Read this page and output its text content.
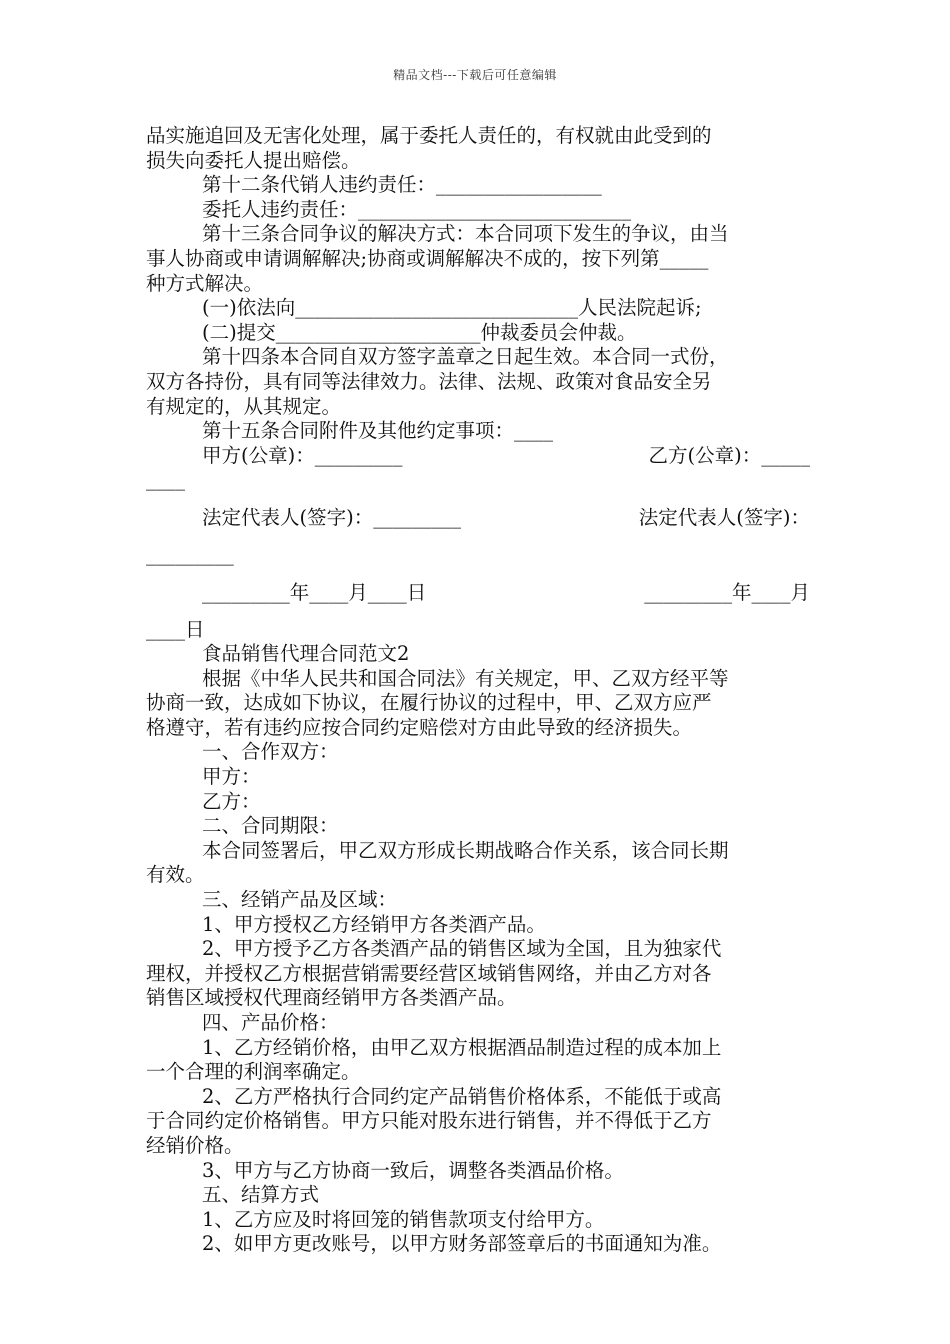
精品文档---下载后可任意编辑
品实施追回及无害化处理，属于委托人责任的，有权就由此受到的
损失向委托人提出赔偿。
第十二条代销人违约责任：_________________
委托人违约责任：____________________________
第十三条合同争议的解决方式：本合同项下发生的争议，由当
事人协商或申请调解解决;协商或调解解决不成的，按下列第_____
种方式解决。
(一)依法向_____________________________人民法院起诉;
(二)提交_____________________仲裁委员会仲裁。
第十四条本合同自双方签字盖章之日起生效。本合同一式份，
双方各持份，具有同等法律效力。法律、法规、政策对食品安全另
有规定的，从其规定。
第十五条合同附件及其他约定事项：____
甲方(公章)：_________	乙方(公章)：_____
____
法定代表人(签字)：_________	法定代表人(签字)：
_________
_________年____月____日	_________年____月
____日
食品销售代理合同范文2
根据《中华人民共和国合同法》有关规定，甲、乙双方经平等
协商一致，达成如下协议，在履行协议的过程中，甲、乙双方应严
格遵守，若有违约应按合同约定赔偿对方由此导致的经济损失。
一、合作双方：
甲方：
乙方：
二、合同期限：
本合同签署后，甲乙双方形成长期战略合作关系，该合同长期
有效。
三、经销产品及区域：
1、甲方授权乙方经销甲方各类酒产品。
2、甲方授予乙方各类酒产品的销售区域为全国，且为独家代
理权，并授权乙方根据营销需要经营区域销售网络，并由乙方对各
销售区域授权代理商经销甲方各类酒产品。
四、产品价格：
1、乙方经销价格，由甲乙双方根据酒品制造过程的成本加上
一个合理的利润率确定。
2、乙方严格执行合同约定产品销售价格体系，不能低于或高
于合同约定价格销售。甲方只能对股东进行销售，并不得低于乙方
经销价格。
3、甲方与乙方协商一致后，调整各类酒品价格。
五、结算方式
1、乙方应及时将回笼的销售款项支付给甲方。
2、如甲方更改账号，以甲方财务部签章后的书面通知为准。
